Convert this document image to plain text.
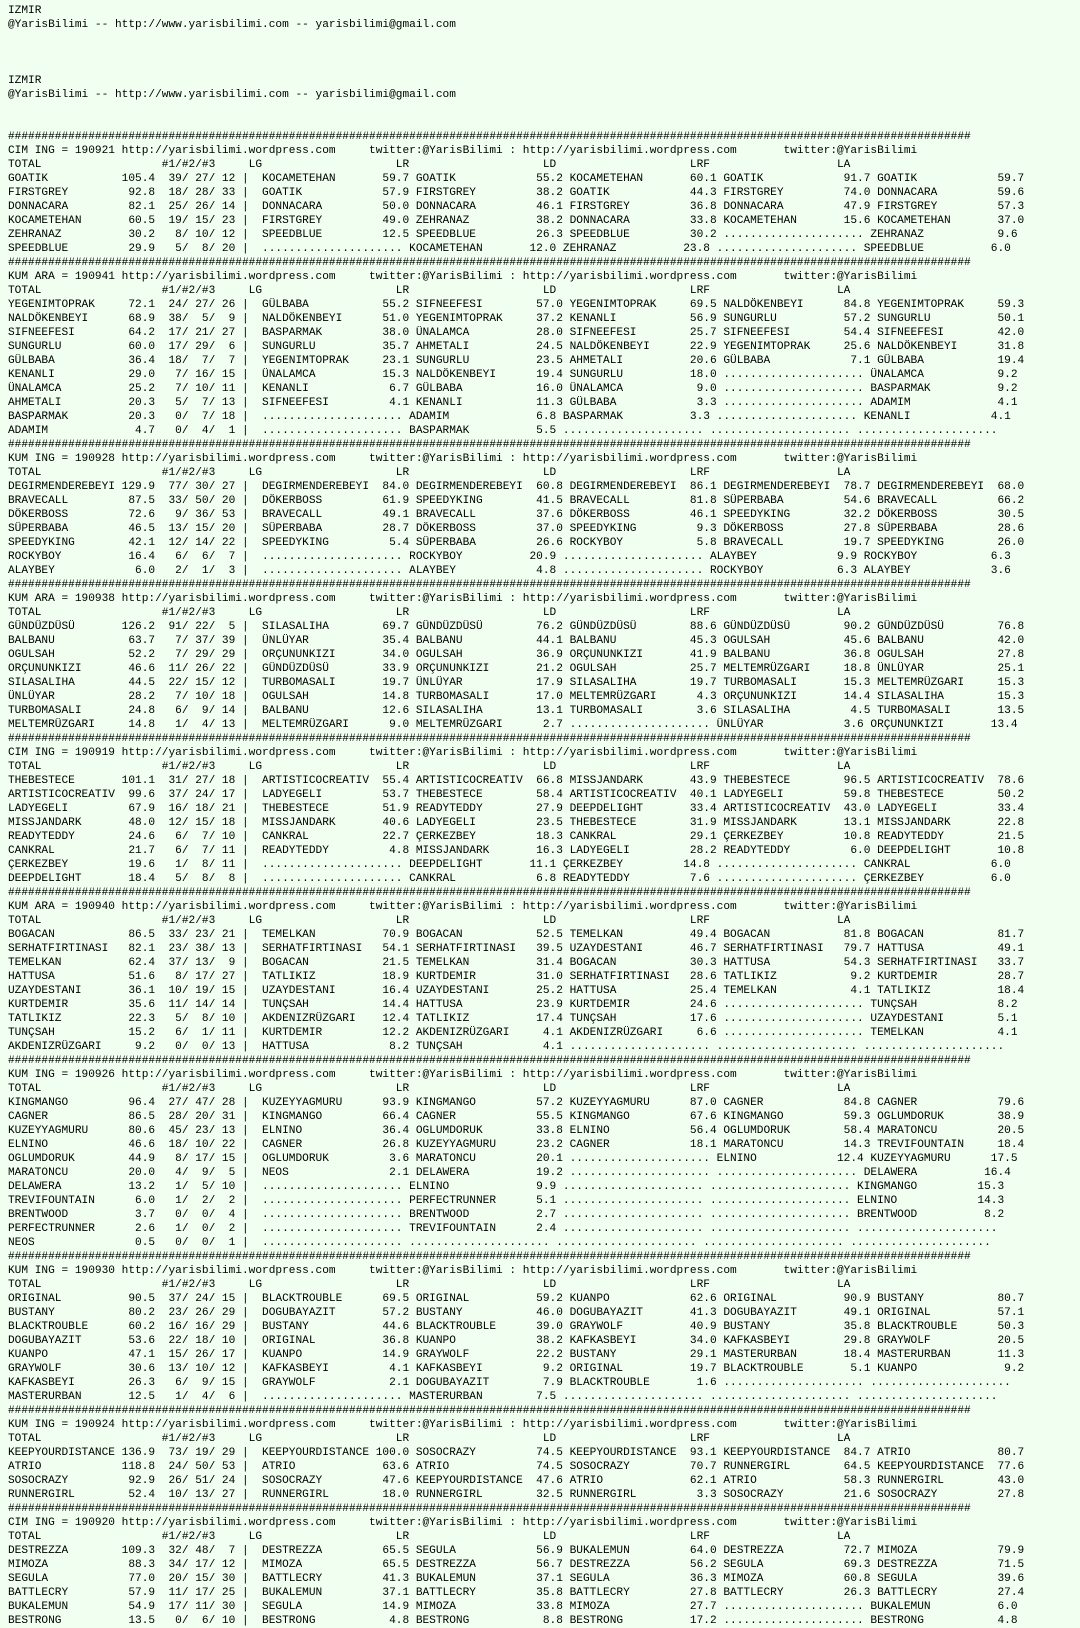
IZMIR
@YarisBilimi -- http://www.yarisbilimi.com -- yarisbilimi@gmail.com
IZMIR
@YarisBilimi -- http://www.yarisbilimi.com -- yarisbilimi@gmail.com
################################################################################################################################################
CIM ING = 190921 http://yarisbilimi.wordpress.com     twitter:@YarisBilimi : http://yarisbilimi.wordpress.com       twitter:@YarisBilimi
TOTAL                  #1/#2/#3     LG                    LR                    LD                    LRF                   LA
GOATIK           105.4  39/ 27/ 12 |  KOCAMETEHAN       59.7 GOATIK            55.2 KOCAMETEHAN       60.1 GOATIK            91.7 GOATIK            59.7
FIRSTGREY         92.8  18/ 28/ 33 |  GOATIK            57.9 FIRSTGREY         38.2 GOATIK            44.3 FIRSTGREY         74.0 DONNACARA         59.6
DONNACARA         82.1  25/ 26/ 14 |  DONNACARA         50.0 DONNACARA         46.1 FIRSTGREY         36.8 DONNACARA         47.9 FIRSTGREY         57.3
KOCAMETEHAN       60.5  19/ 15/ 23 |  FIRSTGREY         49.0 ZEHRANAZ          38.2 DONNACARA         33.8 KOCAMETEHAN       15.6 KOCAMETEHAN       37.0
ZEHRANAZ          30.2   8/ 10/ 12 |  SPEEDBLUE         12.5 SPEEDBLUE         26.3 SPEEDBLUE         30.2 ..................... ZEHRANAZ           9.6
SPEEDBLUE         29.9   5/  8/ 20 |  ..................... KOCAMETEHAN       12.0 ZEHRANAZ          23.8 ..................... SPEEDBLUE          6.0
################################################################################################################################################
KUM ARA = 190941 http://yarisbilimi.wordpress.com     twitter:@YarisBilimi : http://yarisbilimi.wordpress.com       twitter:@YarisBilimi
TOTAL                  #1/#2/#3     LG                    LR                    LD                    LRF                   LA
YEGENIMTOPRAK     72.1  24/ 27/ 26 |  GÜLBABA           55.2 SIFNEEFESI        57.0 YEGENIMTOPRAK     69.5 NALDÖKENBEYI      84.8 YEGENIMTOPRAK     59.3
NALDÖKENBEYI      68.9  38/  5/  9 |  NALDÖKENBEYI      51.0 YEGENIMTOPRAK     37.2 KENANLI           56.9 SUNGURLU          57.2 SUNGURLU          50.1
SIFNEEFESI        64.2  17/ 21/ 27 |  BASPARMAK         38.0 ÜNALAMCA          28.0 SIFNEEFESI        25.7 SIFNEEFESI        54.4 SIFNEEFESI        42.0
SUNGURLU          60.0  17/ 29/  6 |  SUNGURLU          35.7 AHMETALI          24.5 NALDÖKENBEYI      22.9 YEGENIMTOPRAK     25.6 NALDÖKENBEYI      31.8
GÜLBABA           36.4  18/  7/  7 |  YEGENIMTOPRAK     23.1 SUNGURLU          23.5 AHMETALI          20.6 GÜLBABA            7.1 GÜLBABA           19.4
KENANLI           29.0   7/ 16/ 15 |  ÜNALAMCA          15.3 NALDÖKENBEYI      19.4 SUNGURLU          18.0 ..................... ÜNALAMCA           9.2
ÜNALAMCA          25.2   7/ 10/ 11 |  KENANLI            6.7 GÜLBABA           16.0 ÜNALAMCA           9.0 ..................... BASPARMAK          9.2
AHMETALI          20.3   5/  7/ 13 |  SIFNEEFESI         4.1 KENANLI           11.3 GÜLBABA            3.3 ..................... ADAMIM             4.1
BASPARMAK         20.3   0/  7/ 18 |  ..................... ADAMIM             6.8 BASPARMAK          3.3 ..................... KENANLI            4.1
ADAMIM             4.7   0/  4/  1 |  ..................... BASPARMAK          5.5 ..................... ..................... .....................
################################################################################################################################################
KUM ING = 190928 http://yarisbilimi.wordpress.com     twitter:@YarisBilimi : http://yarisbilimi.wordpress.com       twitter:@YarisBilimi
TOTAL                  #1/#2/#3     LG                    LR                    LD                    LRF                   LA
DEGIRMENDEREBEYI 129.9  77/ 30/ 27 |  DEGIRMENDEREBEYI  84.0 DEGIRMENDEREBEYI  60.8 DEGIRMENDEREBEYI  86.1 DEGIRMENDEREBEYI  78.7 DEGIRMENDEREBEYI  68.0
BRAVECALL         87.5  33/ 50/ 20 |  DÖKERBOSS         61.9 SPEEDYKING        41.5 BRAVECALL         81.8 SÜPERBABA         54.6 BRAVECALL         66.2
DÖKERBOSS         72.6   9/ 36/ 53 |  BRAVECALL         49.1 BRAVECALL         37.6 DÖKERBOSS         46.1 SPEEDYKING        32.2 DÖKERBOSS         30.5
SÜPERBABA         46.5  13/ 15/ 20 |  SÜPERBABA         28.7 DÖKERBOSS         37.0 SPEEDYKING         9.3 DÖKERBOSS         27.8 SÜPERBABA         28.6
SPEEDYKING        42.1  12/ 14/ 22 |  SPEEDYKING         5.4 SÜPERBABA         26.6 ROCKYBOY           5.8 BRAVECALL         19.7 SPEEDYKING        26.0
ROCKYBOY          16.4   6/  6/  7 |  ..................... ROCKYBOY          20.9 ..................... ALAYBEY            9.9 ROCKYBOY           6.3
ALAYBEY            6.0   2/  1/  3 |  ..................... ALAYBEY            4.8 ..................... ROCKYBOY           6.3 ALAYBEY            3.6
################################################################################################################################################
KUM ARA = 190938 http://yarisbilimi.wordpress.com     twitter:@YarisBilimi : http://yarisbilimi.wordpress.com       twitter:@YarisBilimi
TOTAL                  #1/#2/#3     LG                    LR                    LD                    LRF                   LA
GÜNDÜZDÜSÜ       126.2  91/ 22/  5 |  SILASALIHA        69.7 GÜNDÜZDÜSÜ        76.2 GÜNDÜZDÜSÜ        88.6 GÜNDÜZDÜSÜ        90.2 GÜNDÜZDÜSÜ        76.8
BALBANU           63.7   7/ 37/ 39 |  ÜNLÜYAR           35.4 BALBANU           44.1 BALBANU           45.3 OGULSAH           45.6 BALBANU           42.0
OGULSAH           52.2   7/ 29/ 29 |  ORÇUNUNKIZI       34.0 OGULSAH           36.9 ORÇUNUNKIZI       41.9 BALBANU           36.8 OGULSAH           27.8
ORÇUNUNKIZI       46.6  11/ 26/ 22 |  GÜNDÜZDÜSÜ        33.9 ORÇUNUNKIZI       21.2 OGULSAH           25.7 MELTEMRÜZGARI     18.8 ÜNLÜYAR           25.1
SILASALIHA        44.5  22/ 15/ 12 |  TURBOMASALI       19.7 ÜNLÜYAR           17.9 SILASALIHA        19.7 TURBOMASALI       15.3 MELTEMRÜZGARI     15.3
ÜNLÜYAR           28.2   7/ 10/ 18 |  OGULSAH           14.8 TURBOMASALI       17.0 MELTEMRÜZGARI      4.3 ORÇUNUNKIZI       14.4 SILASALIHA        15.3
TURBOMASALI       24.8   6/  9/ 14 |  BALBANU           12.6 SILASALIHA        13.1 TURBOMASALI        3.6 SILASALIHA         4.5 TURBOMASALI       13.5
MELTEMRÜZGARI     14.8   1/  4/ 13 |  MELTEMRÜZGARI      9.0 MELTEMRÜZGARI      2.7 ..................... ÜNLÜYAR            3.6 ORÇUNUNKIZI       13.4
################################################################################################################################################
CIM ING = 190919 http://yarisbilimi.wordpress.com     twitter:@YarisBilimi : http://yarisbilimi.wordpress.com       twitter:@YarisBilimi
TOTAL                  #1/#2/#3     LG                    LR                    LD                    LRF                   LA
THEBESTECE       101.1  31/ 27/ 18 |  ARTISTICOCREATIV  55.4 ARTISTICOCREATIV  66.8 MISSJANDARK       43.9 THEBESTECE        96.5 ARTISTICOCREATIV  78.6
ARTISTICOCREATIV  99.6  37/ 24/ 17 |  LADYEGELI         53.7 THEBESTECE        58.4 ARTISTICOCREATIV  40.1 LADYEGELI         59.8 THEBESTECE        50.2
LADYEGELI         67.9  16/ 18/ 21 |  THEBESTECE        51.9 READYTEDDY        27.9 DEEPDELIGHT       33.4 ARTISTICOCREATIV  43.0 LADYEGELI         33.4
MISSJANDARK       48.0  12/ 15/ 18 |  MISSJANDARK       40.6 LADYEGELI         23.5 THEBESTECE        31.9 MISSJANDARK       13.1 MISSJANDARK       22.8
READYTEDDY        24.6   6/  7/ 10 |  CANKRAL           22.7 ÇERKEZBEY         18.3 CANKRAL           29.1 ÇERKEZBEY         10.8 READYTEDDY        21.5
CANKRAL           21.7   6/  7/ 11 |  READYTEDDY         4.8 MISSJANDARK       16.3 LADYEGELI         28.2 READYTEDDY         6.0 DEEPDELIGHT       10.8
ÇERKEZBEY         19.6   1/  8/ 11 |  ..................... DEEPDELIGHT       11.1 ÇERKEZBEY         14.8 ..................... CANKRAL            6.0
DEEPDELIGHT       18.4   5/  8/  8 |  ..................... CANKRAL            6.8 READYTEDDY         7.6 ..................... ÇERKEZBEY          6.0
################################################################################################################################################
KUM ARA = 190940 http://yarisbilimi.wordpress.com     twitter:@YarisBilimi : http://yarisbilimi.wordpress.com       twitter:@YarisBilimi
TOTAL                  #1/#2/#3     LG                    LR                    LD                    LRF                   LA
BOGACAN           86.5  33/ 23/ 21 |  TEMELKAN          70.9 BOGACAN           52.5 TEMELKAN          49.4 BOGACAN           81.8 BOGACAN           81.7
SERHATFIRTINASI   82.1  23/ 38/ 13 |  SERHATFIRTINASI   54.1 SERHATFIRTINASI   39.5 UZAYDESTANI       46.7 SERHATFIRTINASI   79.7 HATTUSA           49.1
TEMELKAN          62.4  37/ 13/  9 |  BOGACAN           21.5 TEMELKAN          31.4 BOGACAN           30.3 HATTUSA           54.3 SERHATFIRTINASI   33.7
HATTUSA           51.6   8/ 17/ 27 |  TATLIKIZ          18.9 KURTDEMIR         31.0 SERHATFIRTINASI   28.6 TATLIKIZ           9.2 KURTDEMIR         28.7
UZAYDESTANI       36.1  10/ 19/ 15 |  UZAYDESTANI       16.4 UZAYDESTANI       25.2 HATTUSA           25.4 TEMELKAN           4.1 TATLIKIZ          18.4
KURTDEMIR         35.6  11/ 14/ 14 |  TUNÇSAH           14.4 HATTUSA           23.9 KURTDEMIR         24.6 ..................... TUNÇSAH            8.2
TATLIKIZ          22.3   5/  8/ 10 |  AKDENIZRÜZGARI    12.4 TATLIKIZ          17.4 TUNÇSAH           17.6 ..................... UZAYDESTANI        5.1
TUNÇSAH           15.2   6/  1/ 11 |  KURTDEMIR         12.2 AKDENIZRÜZGARI     4.1 AKDENIZRÜZGARI     6.6 ..................... TEMELKAN           4.1
AKDENIZRÜZGARI     9.2   0/  0/ 13 |  HATTUSA            8.2 TUNÇSAH            4.1 ..................... ..................... .....................
################################################################################################################################################
KUM ING = 190926 http://yarisbilimi.wordpress.com     twitter:@YarisBilimi : http://yarisbilimi.wordpress.com       twitter:@YarisBilimi
TOTAL                  #1/#2/#3     LG                    LR                    LD                    LRF                   LA
KINGMANGO         96.4  27/ 47/ 28 |  KUZEYYAGMURU      93.9 KINGMANGO         57.2 KUZEYYAGMURU      87.0 CAGNER            84.8 CAGNER            79.6
CAGNER            86.5  28/ 20/ 31 |  KINGMANGO         66.4 CAGNER            55.5 KINGMANGO         67.6 KINGMANGO         59.3 OGLUMDORUK        38.9
KUZEYYAGMURU      80.6  45/ 23/ 13 |  ELNINO            36.4 OGLUMDORUK        33.8 ELNINO            56.4 OGLUMDORUK        58.4 MARATONCU         20.5
ELNINO            46.6  18/ 10/ 22 |  CAGNER            26.8 KUZEYYAGMURU      23.2 CAGNER            18.1 MARATONCU         14.3 TREVIFOUNTAIN     18.4
OGLUMDORUK        44.9   8/ 17/ 15 |  OGLUMDORUK         3.6 MARATONCU         20.1 ..................... ELNINO            12.4 KUZEYYAGMURU      17.5
MARATONCU         20.0   4/  9/  5 |  NEOS               2.1 DELAWERA          19.2 ..................... ..................... DELAWERA          16.4
DELAWERA          13.2   1/  5/ 10 |  ..................... ELNINO             9.9 ..................... ..................... KINGMANGO         15.3
TREVIFOUNTAIN      6.0   1/  2/  2 |  ..................... PERFECTRUNNER      5.1 ..................... ..................... ELNINO            14.3
BRENTWOOD          3.7   0/  0/  4 |  ..................... BRENTWOOD          2.7 ..................... ..................... BRENTWOOD          8.2
PERFECTRUNNER      2.6   1/  0/  2 |  ..................... TREVIFOUNTAIN      2.4 ..................... ..................... .....................
NEOS               0.5   0/  0/  1 |  ..................... ..................... ..................... ..................... .....................
################################################################################################################################################
KUM ING = 190930 http://yarisbilimi.wordpress.com     twitter:@YarisBilimi : http://yarisbilimi.wordpress.com       twitter:@YarisBilimi
TOTAL                  #1/#2/#3     LG                    LR                    LD                    LRF                   LA
ORIGINAL          90.5  37/ 24/ 15 |  BLACKTROUBLE      69.5 ORIGINAL          59.2 KUANPO            62.6 ORIGINAL          90.9 BUSTANY           80.7
BUSTANY           80.2  23/ 26/ 29 |  DOGUBAYAZIT       57.2 BUSTANY           46.0 DOGUBAYAZIT       41.3 DOGUBAYAZIT       49.1 ORIGINAL          57.1
BLACKTROUBLE      60.2  16/ 16/ 29 |  BUSTANY           44.6 BLACKTROUBLE      39.0 GRAYWOLF          40.9 BUSTANY           35.8 BLACKTROUBLE      50.3
DOGUBAYAZIT       53.6  22/ 18/ 10 |  ORIGINAL          36.8 KUANPO            38.2 KAFKASBEYI        34.0 KAFKASBEYI        29.8 GRAYWOLF          20.5
KUANPO            47.1  15/ 26/ 17 |  KUANPO            14.9 GRAYWOLF          22.2 BUSTANY           29.1 MASTERURBAN       18.4 MASTERURBAN       11.3
GRAYWOLF          30.6  13/ 10/ 12 |  KAFKASBEYI         4.1 KAFKASBEYI         9.2 ORIGINAL          19.7 BLACKTROUBLE       5.1 KUANPO             9.2
KAFKASBEYI        26.3   6/  9/ 15 |  GRAYWOLF           2.1 DOGUBAYAZIT        7.9 BLACKTROUBLE       1.6 ..................... .....................
MASTERURBAN       12.5   1/  4/  6 |  ..................... MASTERURBAN        7.5 ..................... ..................... .....................
################################################################################################################################################
KUM ING = 190924 http://yarisbilimi.wordpress.com     twitter:@YarisBilimi : http://yarisbilimi.wordpress.com       twitter:@YarisBilimi
TOTAL                  #1/#2/#3     LG                    LR                    LD                    LRF                   LA
KEEPYOURDISTANCE 136.9  73/ 19/ 29 |  KEEPYOURDISTANCE 100.0 SOSOCRAZY         74.5 KEEPYOURDISTANCE  93.1 KEEPYOURDISTANCE  84.7 ATRIO             80.7
ATRIO            118.8  24/ 50/ 53 |  ATRIO             63.6 ATRIO             74.5 SOSOCRAZY         70.7 RUNNERGIRL        64.5 KEEPYOURDISTANCE  77.6
SOSOCRAZY         92.9  26/ 51/ 24 |  SOSOCRAZY         47.6 KEEPYOURDISTANCE  47.6 ATRIO             62.1 ATRIO             58.3 RUNNERGIRL        43.0
RUNNERGIRL        52.4  10/ 13/ 27 |  RUNNERGIRL        18.0 RUNNERGIRL        32.5 RUNNERGIRL         3.3 SOSOCRAZY         21.6 SOSOCRAZY         27.8
################################################################################################################################################
CIM ING = 190920 http://yarisbilimi.wordpress.com     twitter:@YarisBilimi : http://yarisbilimi.wordpress.com       twitter:@YarisBilimi
TOTAL                  #1/#2/#3     LG                    LR                    LD                    LRF                   LA
DESTREZZA        109.3  32/ 48/  7 |  DESTREZZA         65.5 SEGULA            56.9 BUKALEMUN         64.0 DESTREZZA         72.7 MIMOZA            79.9
MIMOZA            88.3  34/ 17/ 12 |  MIMOZA            65.5 DESTREZZA         56.7 DESTREZZA         56.2 SEGULA            69.3 DESTREZZA         71.5
SEGULA            77.0  20/ 15/ 30 |  BATTLECRY         41.3 BUKALEMUN         37.1 SEGULA            36.3 MIMOZA            60.8 SEGULA            39.6
BATTLECRY         57.9  11/ 17/ 25 |  BUKALEMUN         37.1 BATTLECRY         35.8 BATTLECRY         27.8 BATTLECRY         26.3 BATTLECRY         27.4
BUKALEMUN         54.9  17/ 11/ 30 |  SEGULA            14.9 MIMOZA            33.8 MIMOZA            27.7 ..................... BUKALEMUN          6.0
BESTRONG          13.5   0/  6/ 10 |  BESTRONG           4.8 BESTRONG           8.8 BESTRONG          17.2 ..................... BESTRONG           4.8
